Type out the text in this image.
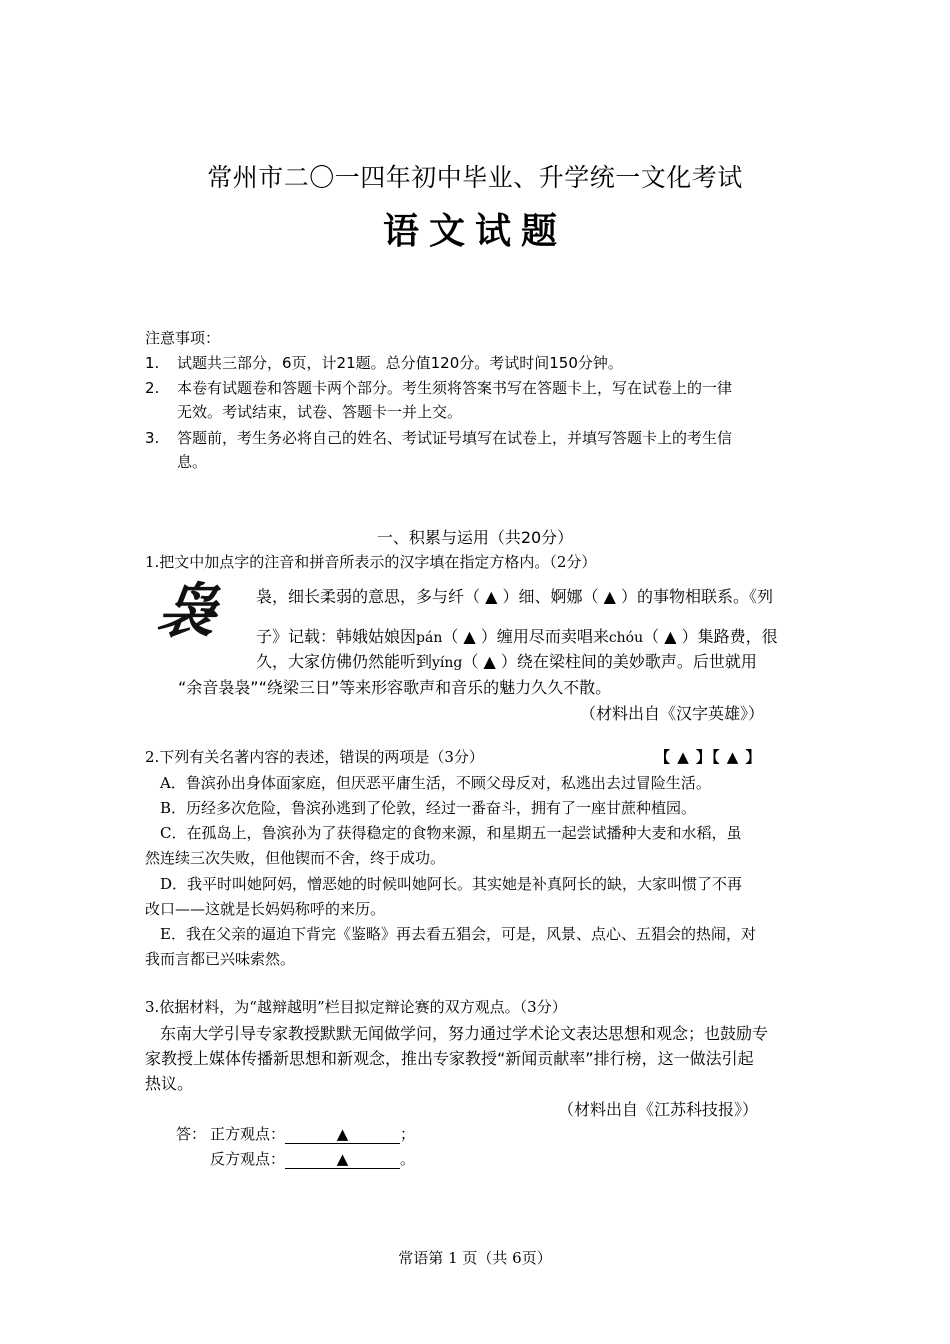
常州市二〇一四年初中毕业、升学统一文化考试
语文试题
注意事项：
1. 试题共三部分，6页，计21题。总分值120分。考试时间150分钟。
2. 本卷有试题卷和答题卡两个部分。考生须将答案书写在答题卡上，写在试卷上的一律
无效。考试结束，试卷、答题卡一并上交。
3. 答题前，考生务必将自己的姓名、考试证号填写在试卷上，并填写答题卡上的考生信
息。
一、积累与运用（共20分）
1.把文中加点字的注音和拼音所表示的汉字填在指定方格内。（2分）
袅 袅，细长柔弱的意思，多与纤（ ▲ ）细、婀娜（ ▲ ）的事物相联系。《列
子》记载：韩娥姑娘因pán（ ▲ ）缠用尽而卖唱来chóu（ ▲ ）集路费，很
久，大家仿佛仍然能听到yíng（ ▲ ）绕在梁柱间的美妙歌声。后世就用
“余音袅袅”“绕梁三日”等来形容歌声和音乐的魅力久久不散。
（材料出自《汉字英雄》）
2.下列有关名著内容的表述，错误的两项是（3分）	【 ▲ 】【 ▲ 】
A．鲁滨孙出身体面家庭，但厌恶平庸生活，不顾父母反对，私逃出去过冒险生活。
B．历经多次危险，鲁滨孙逃到了伦敦，经过一番奋斗，拥有了一座甘蔗种植园。
C．在孤岛上，鲁滨孙为了获得稳定的食物来源，和星期五一起尝试播种大麦和水稻，虽
然连续三次失败，但他锲而不舍，终于成功。
D．我平时叫她阿妈，憎恶她的时候叫她阿长。其实她是补真阿长的缺，大家叫惯了不再
改口——这就是长妈妈称呼的来历。
E．我在父亲的逼迫下背完《鉴略》再去看五猖会，可是，风景、点心、五猖会的热闹，对
我而言都已兴味索然。
3.依据材料，为“越辩越明”栏目拟定辩论赛的双方观点。（3分）
东南大学引导专家教授默默无闻做学问，努力通过学术论文表达思想和观念；也鼓励专
家教授上媒体传播新思想和新观念，推出专家教授“新闻贡献率”排行榜，这一做法引起
热议。
（材料出自《江苏科技报》）
答： 正方观点：	▲	；
反方观点：	▲	。
常语第 1 页（共 6页）
